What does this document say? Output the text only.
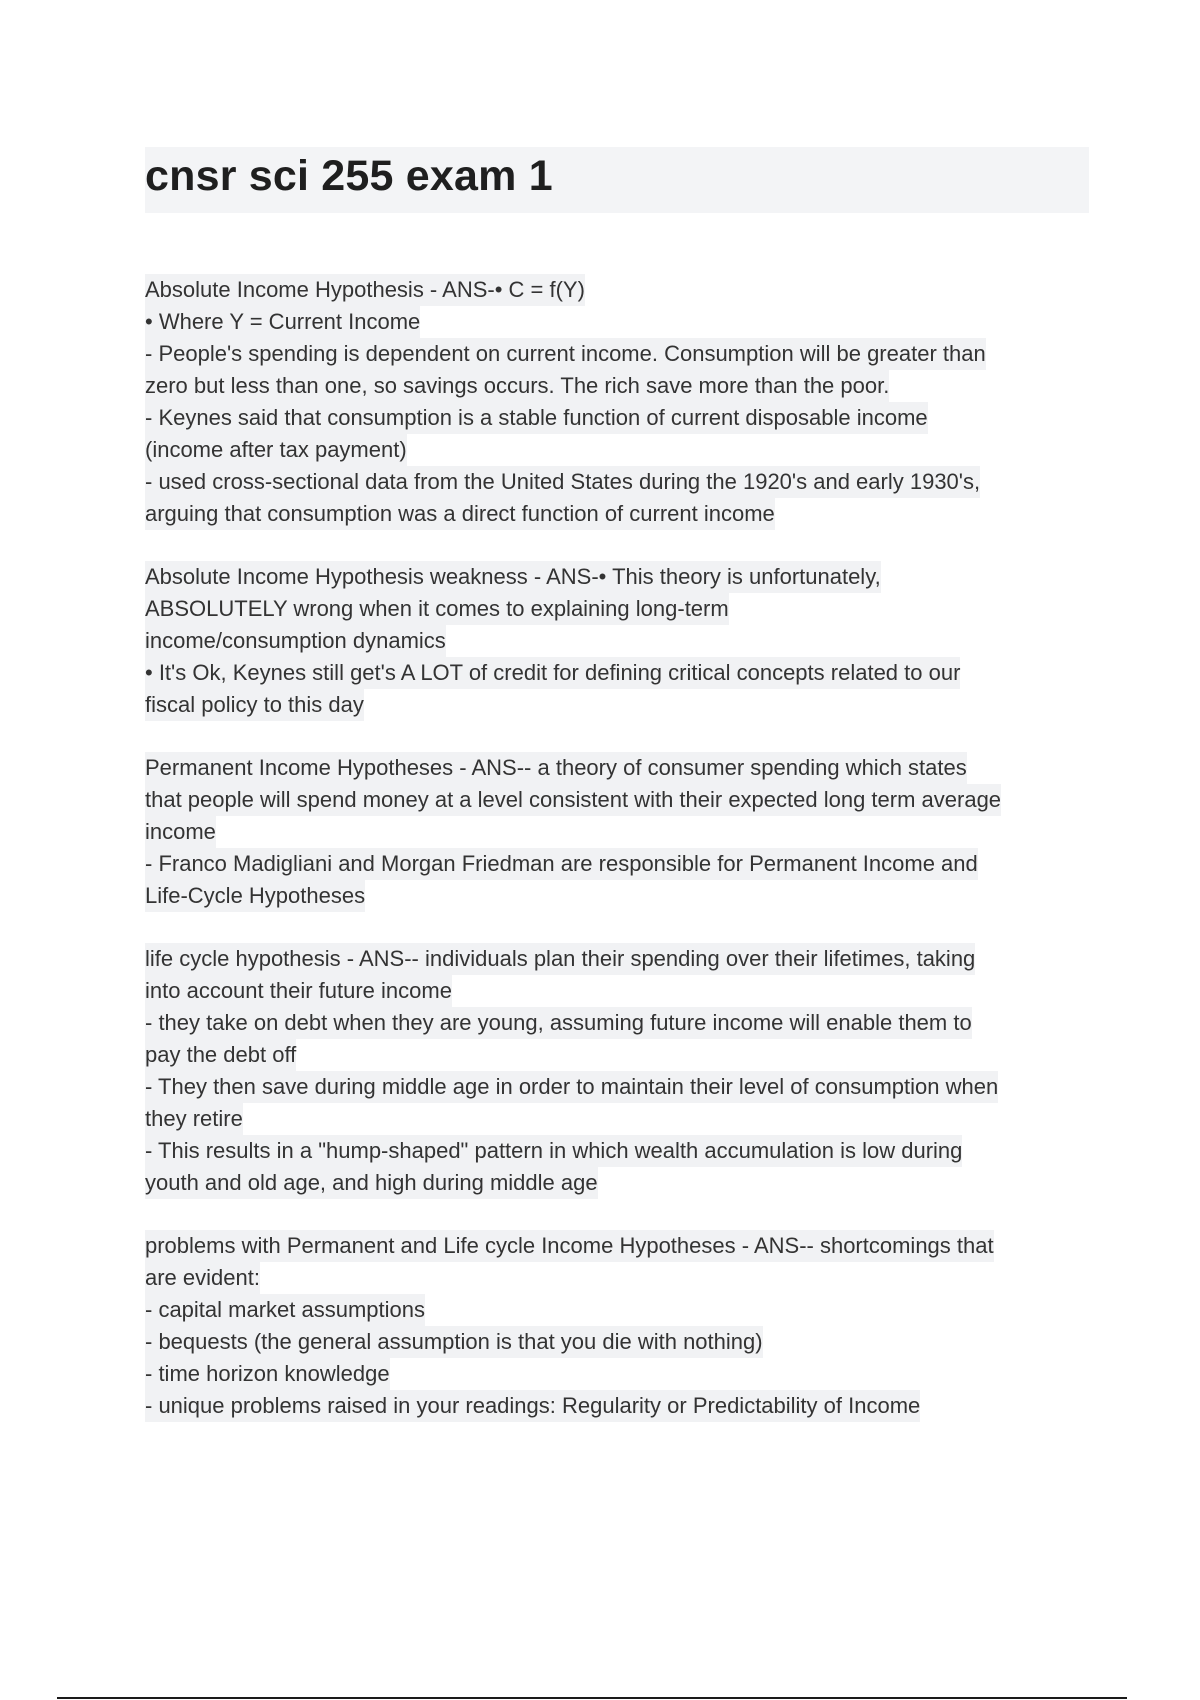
cnsr sci 255 exam 1
Absolute Income Hypothesis - ANS-• C = f(Y)
• Where Y = Current Income
- People's spending is dependent on current income. Consumption will be greater than
zero but less than one, so savings occurs. The rich save more than the poor.
- Keynes said that consumption is a stable function of current disposable income
(income after tax payment)
- used cross-sectional data from the United States during the 1920's and early 1930's,
arguing that consumption was a direct function of current income
Absolute Income Hypothesis weakness - ANS-• This theory is unfortunately,
ABSOLUTELY wrong when it comes to explaining long-term
income/consumption dynamics
• It's Ok, Keynes still get's A LOT of credit for defining critical concepts related to our
fiscal policy to this day
Permanent Income Hypotheses - ANS-- a theory of consumer spending which states
that people will spend money at a level consistent with their expected long term average
income
- Franco Madigliani and Morgan Friedman are responsible for Permanent Income and
Life-Cycle Hypotheses
life cycle hypothesis - ANS-- individuals plan their spending over their lifetimes, taking
into account their future income
- they take on debt when they are young, assuming future income will enable them to
pay the debt off
- They then save during middle age in order to maintain their level of consumption when
they retire
- This results in a "hump-shaped" pattern in which wealth accumulation is low during
youth and old age, and high during middle age
problems with Permanent and Life cycle Income Hypotheses - ANS-- shortcomings that
are evident:
- capital market assumptions
- bequests (the general assumption is that you die with nothing)
- time horizon knowledge
- unique problems raised in your readings: Regularity or Predictability of Income
